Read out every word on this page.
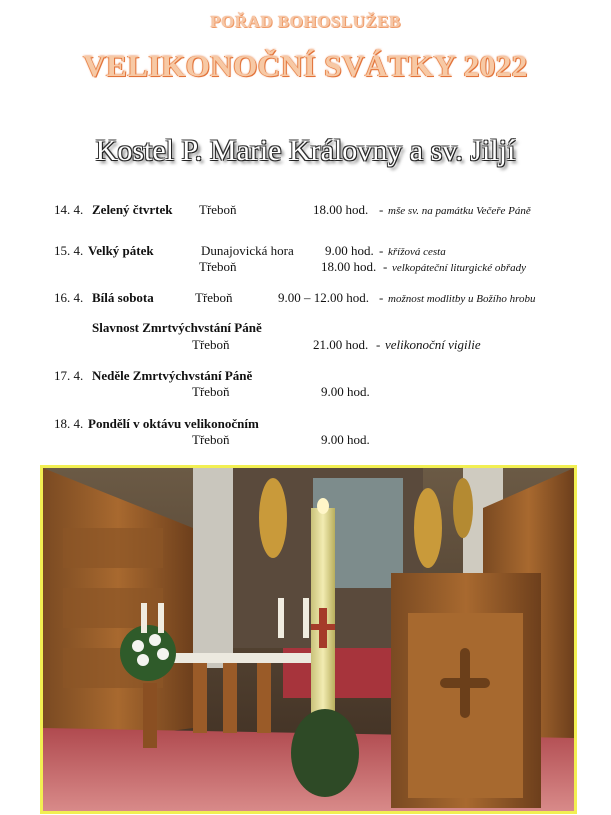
POŘAD BOHOSLUŽEB
VELIKONOČNÍ SVÁTKY 2022
Kostel P. Marie Královny a sv. Jiljí
14. 4. Zelený čtvrtek Třeboň	18.00 hod. - mše sv. na památku Večeře Páně
15. 4. Velký pátek	Dunajovická hora 9.00 hod. - křížová cesta
Třeboň	18.00 hod. - velkopáteční liturgické obřady
16. 4. Bílá sobota	Třeboň	9.00 – 12.00 hod. - možnost modlitby u Božího hrobu
Slavnost Zmrtvýchvstání Páně
Třeboň	21.00 hod. - velikonoční vigilie
17. 4. Neděle Zmrtvýchvstání Páně
Třeboň	9.00 hod.
18. 4. Pondělí v oktávu velikonočním
Třeboň	9.00 hod.
